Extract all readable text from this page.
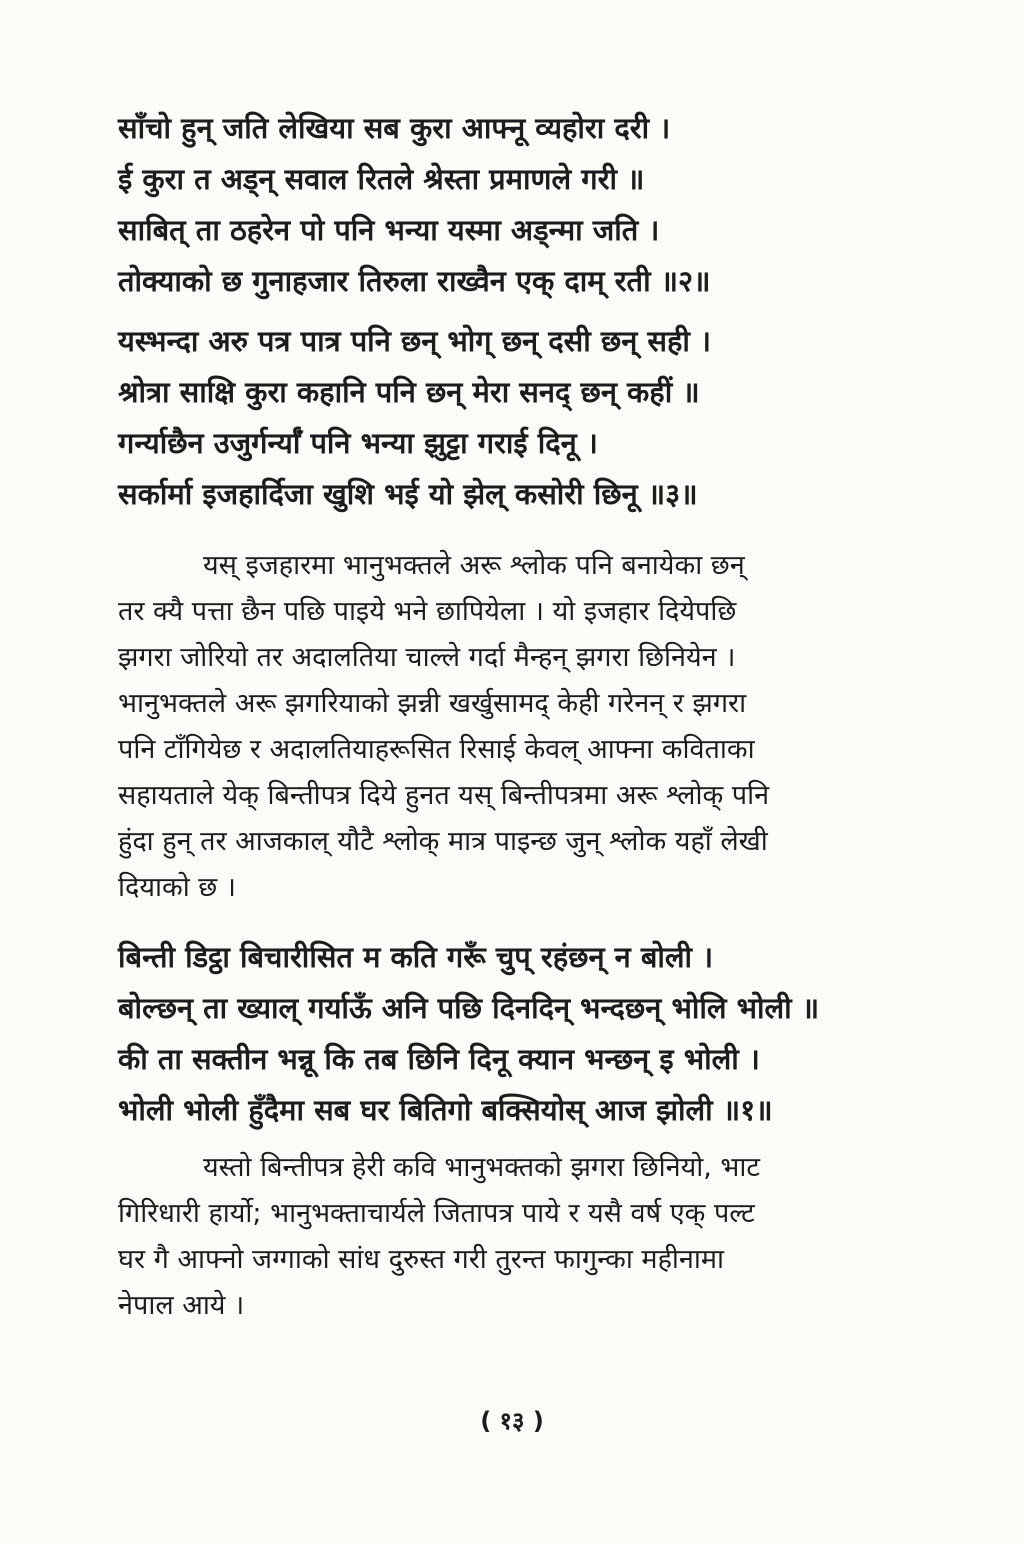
साँचो हुन् जति लेखिया सब कुरा आफ्नू व्यहोरा दरी ।
ई कुरा त अड्न् सवाल रितले श्रेस्ता प्रमाणले गरी ॥
साबित् ता ठहरेन पो पनि भन्या यस्मा अड्न्मा जति ।
तोक्याको छ गुनाहजार तिरुला राख्वैन एक् दाम् रती ॥२॥
यस्भन्दा अरु पत्र पात्र पनि छन् भोग् छन् दसी छन् सही ।
श्रोत्रा साक्षि कुरा कहानि पनि छन् मेरा सनद् छन् कहीं ॥
गर्न्याछैन उजुर्गर्न्याँ पनि भन्या झुट्टा गराई दिनू ।
सर्कार्मा इजहार्दिजा खुशि भई यो झेल् कसोरी छिनू ॥३॥
यस् इजहारमा भानुभक्तले अरू श्लोक पनि बनायेका छन्
तर क्यै पत्ता छैन पछि पाइये भने छापियेला । यो इजहार दियेपछि
झगरा जोरियो तर अदालतिया चाल्ले गर्दा मैन्हन् झगरा छिनियेन ।
भानुभक्तले अरू झगरियाको झन्नी खर्खुसामद् केही गरेनन् र झगरा
पनि टाँगियेछ र अदालतियाहरूसित रिसाई केवल् आफ्ना कविताका
सहायताले येक् बिन्तीपत्र दिये हुनत यस् बिन्तीपत्रमा अरू श्लोक् पनि
हुंदा हुन् तर आजकाल् यौटै श्लोक् मात्र पाइन्छ जुन् श्लोक यहाँ लेखी
दियाको छ ।
बिन्ती डिट्ठा बिचारीसित म कति गरूँ चुप् रहंछन् न बोली ।
बोल्छन् ता ख्याल् गर्याऊँ अनि पछि दिनदिन् भन्दछन् भोलि भोली ॥
की ता सक्तीन भन्नू कि तब छिनि दिनू क्यान भन्छन् इ भोली ।
भोली भोली हुँदैमा सब घर बितिगो बक्सियोस् आज झोली ॥१॥
यस्तो बिन्तीपत्र हेरी कवि भानुभक्तको झगरा छिनियो, भाट
गिरिधारी हार्यो; भानुभक्ताचार्यले जितापत्र पाये र यसै वर्ष एक् पल्ट
घर गै आफ्नो जग्गाको सांध दुरुस्त गरी तुरन्त फागुन्का महीनामा
नेपाल आये ।
( १३ )
